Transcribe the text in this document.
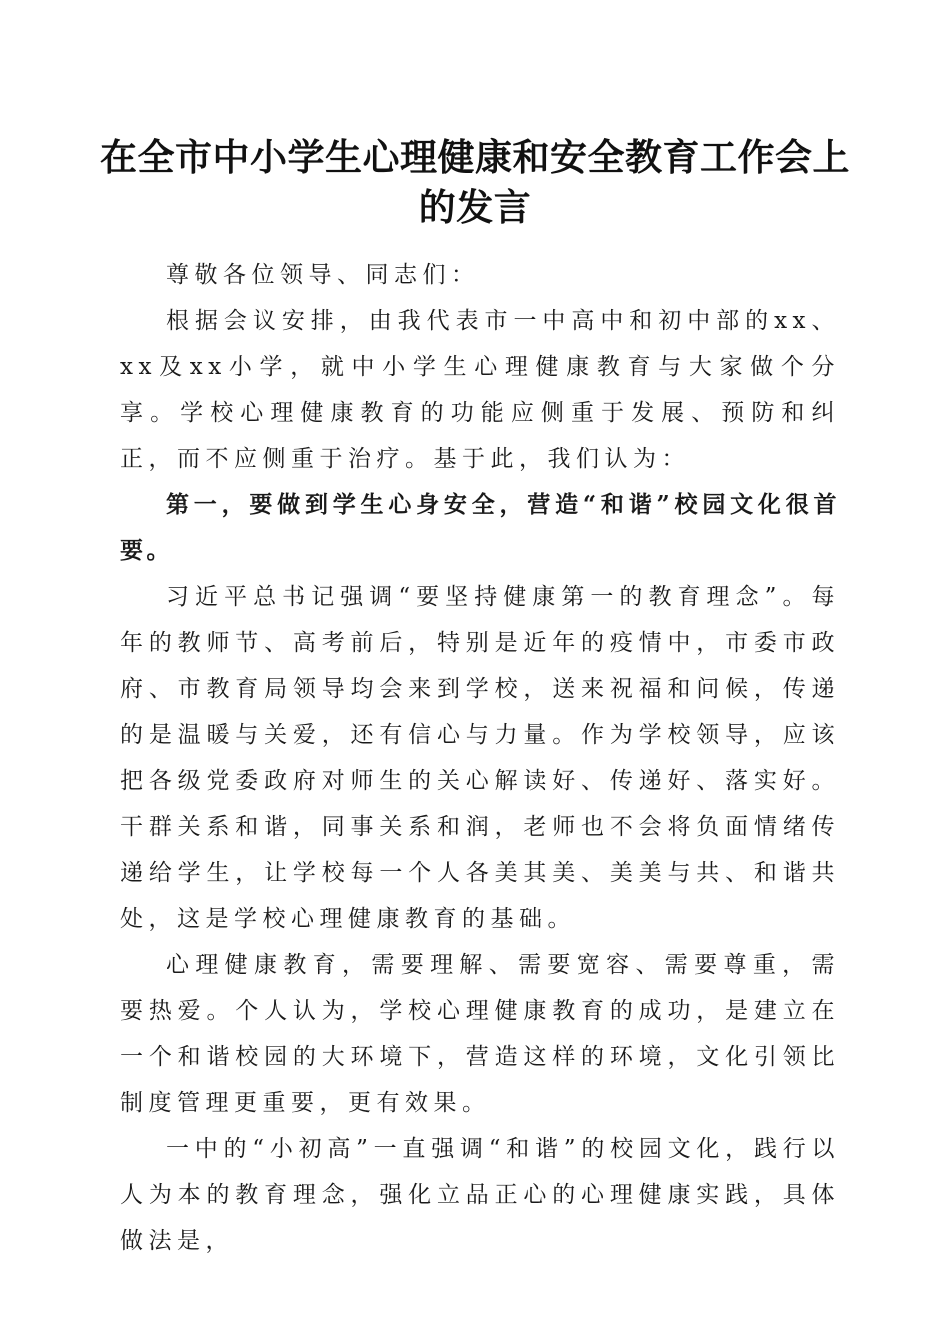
在全市中小学生心理健康和安全教育工作会上的发言

尊敬各位领导、同志们：

根据会议安排，由我代表市一中高中和初中部的xx、xx及xx小学，就中小学生心理健康教育与大家做个分享。学校心理健康教育的功能应侧重于发展、预防和纠正，而不应侧重于治疗。基于此，我们认为：

第一，要做到学生心身安全，营造“和谐”校园文化很首要。

习近平总书记强调“要坚持健康第一的教育理念”。每年的教师节、高考前后，特别是近年的疫情中，市委市政府、市教育局领导均会来到学校，送来祝福和问候，传递的是温暖与关爱，还有信心与力量。作为学校领导，应该把各级党委政府对师生的关心解读好、传递好、落实好。干群关系和谐，同事关系和润，老师也不会将负面情绪传递给学生，让学校每一个人各美其美、美美与共、和谐共处，这是学校心理健康教育的基础。

心理健康教育，需要理解、需要宽容、需要尊重，需要热爱。个人认为，学校心理健康教育的成功，是建立在一个和谐校园的大环境下，营造这样的环境，文化引领比制度管理更重要，更有效果。

一中的“小初高”一直强调“和谐”的校园文化，践行以人为本的教育理念，强化立品正心的心理健康实践，具体做法是，
